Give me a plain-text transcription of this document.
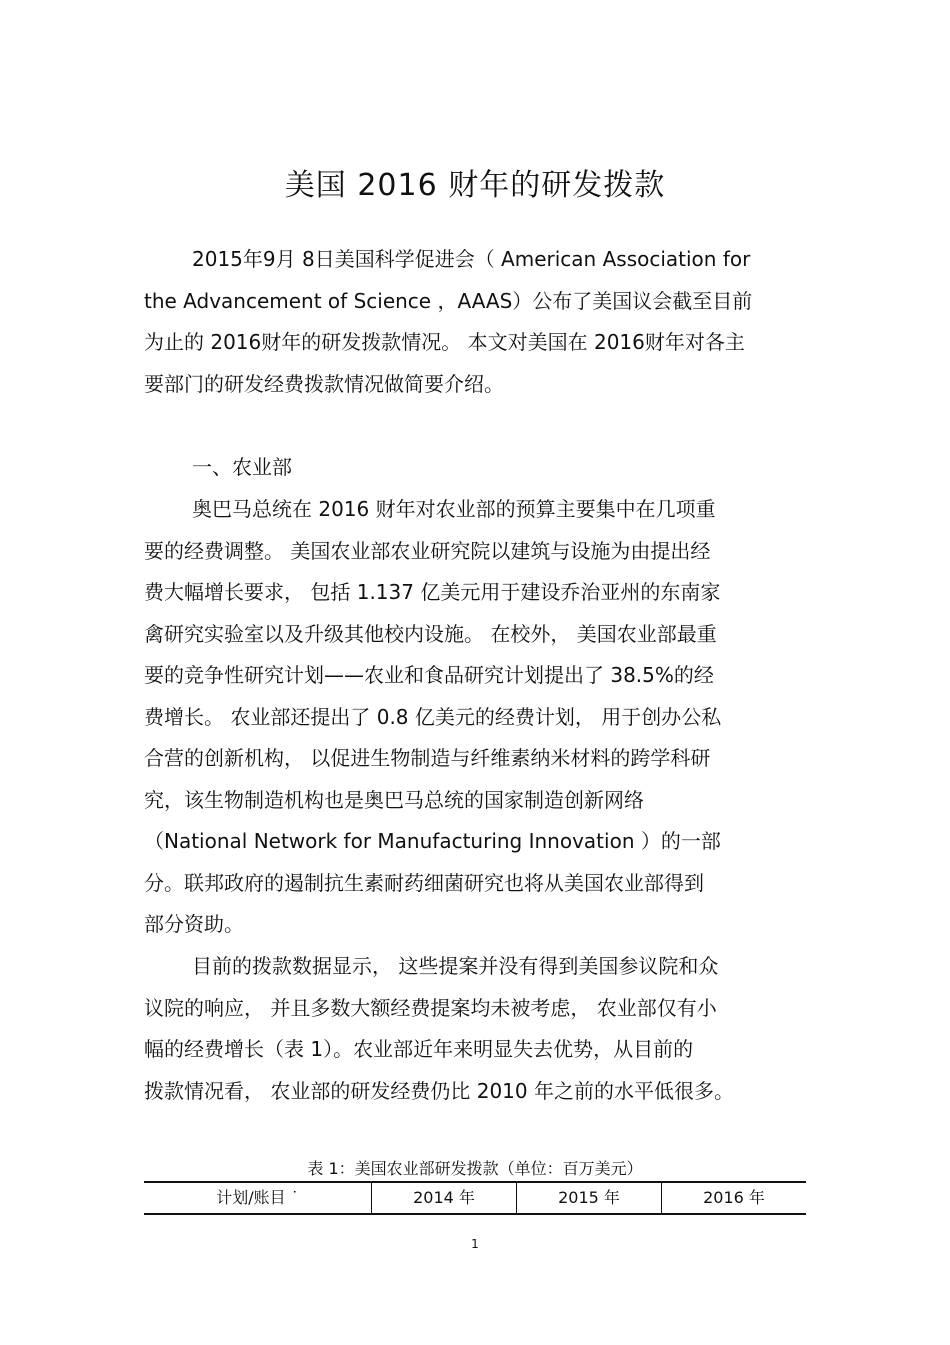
美国 2016 财年的研发拨款
2015年9月 8日美国科学促进会（ American Association for
the Advancement of Science ，AAAS）公布了美国议会截至目前
为止的 2016财年的研发拨款情况。 本文对美国在 2016财年对各主
要部门的研发经费拨款情况做简要介绍。
一、农业部
奥巴马总统在 2016 财年对农业部的预算主要集中在几项重
要的经费调整。 美国农业部农业研究院以建筑与设施为由提出经
费大幅增长要求， 包括 1.137 亿美元用于建设乔治亚州的东南家
禽研究实验室以及升级其他校内设施。 在校外， 美国农业部最重
要的竞争性研究计划——农业和食品研究计划提出了 38.5%的经
费增长。 农业部还提出了 0.8 亿美元的经费计划， 用于创办公私
合营的创新机构， 以促进生物制造与纤维素纳米材料的跨学科研
究，该生物制造机构也是奥巴马总统的国家制造创新网络
（National Network for Manufacturing Innovation ）的一部
分。联邦政府的遏制抗生素耐药细菌研究也将从美国农业部得到
部分资助。
目前的拨款数据显示， 这些提案并没有得到美国参议院和众
议院的响应， 并且多数大额经费提案均未被考虑， 农业部仅有小
幅的经费增长（表 1）。农业部近年来明显失去优势，从目前的
拨款情况看， 农业部的研发经费仍比 2010 年之前的水平低很多。
表 1：美国农业部研发拨款（单位：百万美元）
计划/账目 ˙	2014 年	2015 年	2016 年
1
